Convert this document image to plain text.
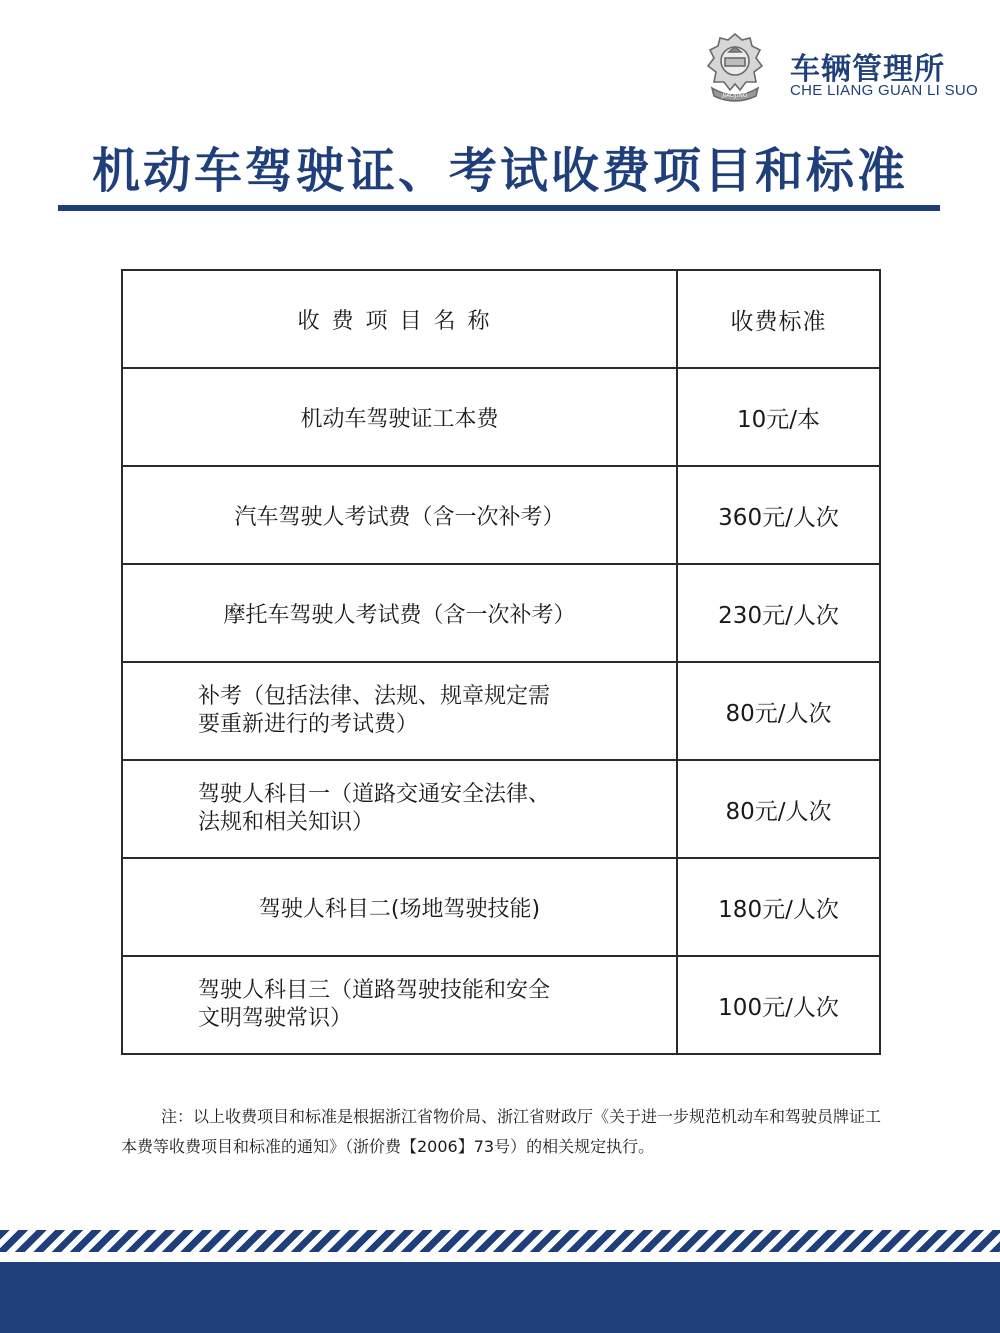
JIAOJING
车辆管理所
CHE LIANG GUAN LI SUO
机动车驾驶证、考试收费项目和标准
收费项目名称	收费标准
机动车驾驶证工本费	10元/本
汽车驾驶人考试费（含一次补考）	360元/人次
摩托车驾驶人考试费（含一次补考）	230元/人次

补考（包括法律、法规、规章规定需
要重新进行的考试费）	80元/人次

驾驶人科目一（道路交通安全法律、
法规和相关知识）	80元/人次
驾驶人科目二(场地驾驶技能)	180元/人次

驾驶人科目三（道路驾驶技能和安全
文明驾驶常识）	100元/人次
注：以上收费项目和标准是根据浙江省物价局、浙江省财政厅《关于进一步规范机动车和驾驶员牌证工本费等收费项目和标准的通知》（浙价费【2006】73号）的相关规定执行。
